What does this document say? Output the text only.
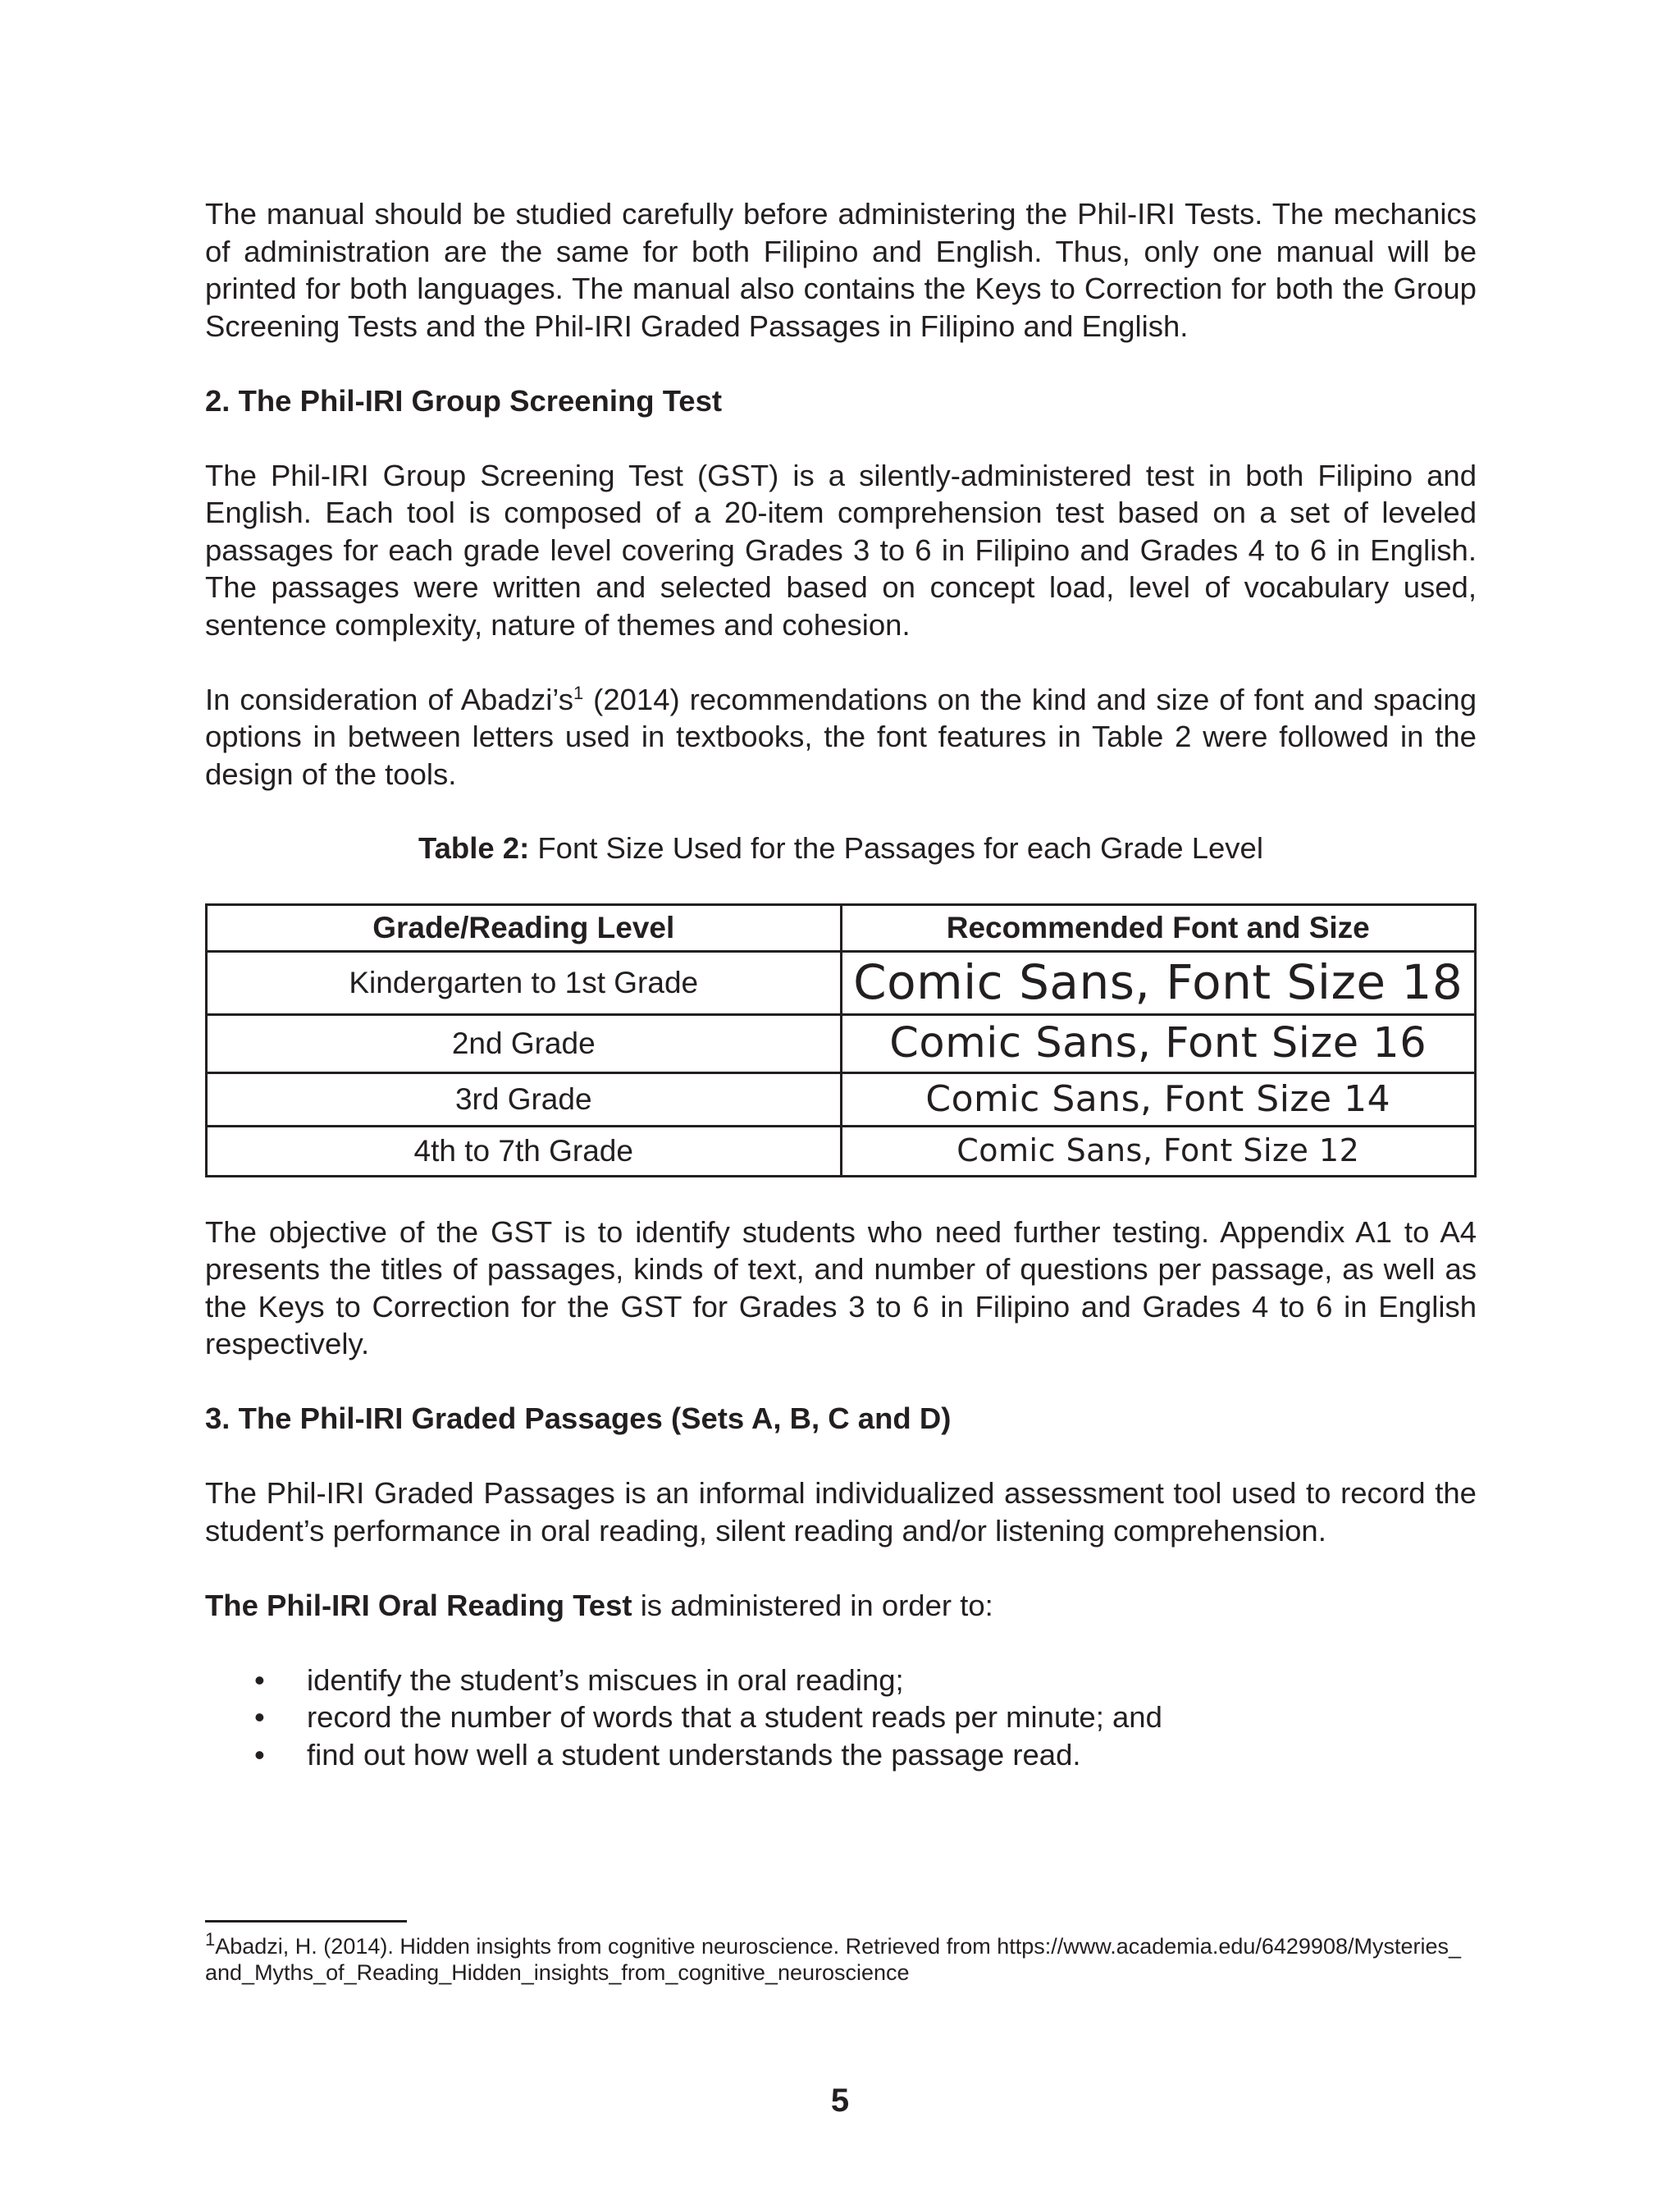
The manual should be studied carefully before administering the Phil-IRI Tests. The mechanics of administration are the same for both Filipino and English. Thus, only one manual will be printed for both languages. The manual also contains the Keys to Correction for both the Group Screening Tests and the Phil-IRI Graded Passages in Filipino and English.

2. The Phil-IRI Group Screening Test

The Phil-IRI Group Screening Test (GST) is a silently-administered test in both Filipino and English. Each tool is composed of a 20-item comprehension test based on a set of leveled passages for each grade level covering Grades 3 to 6 in Filipino and Grades 4 to 6 in English. The passages were written and selected based on concept load, level of vocabulary used, sentence complexity, nature of themes and cohesion.

In consideration of $Abadzi’s^1$ (2014) recommendations on the kind and size of font and spacing options in between letters used in textbooks, the font features in Table 2 were followed in the design of the tools.

Table 2: Font Size Used for the Passages for each Grade Level

Grade/Reading Level	Recommended Font and Size
Kindergarten to 1st Grade	Comic Sans, Font Size 18
2nd Grade	Comic Sans, Font Size 16
3rd Grade	Comic Sans, Font Size 14
4th to 7th Grade	Comic Sans, Font Size 12

The objective of the GST is to identify students who need further testing. Appendix A1 to A4 presents the titles of passages, kinds of text, and number of questions per passage, as well as the Keys to Correction for the GST for Grades 3 to 6 in Filipino and Grades 4 to 6 in English respectively.

3. The Phil-IRI Graded Passages (Sets A, B, C and D)

The Phil-IRI Graded Passages is an informal individualized assessment tool used to record the student’s performance in oral reading, silent reading and/or listening comprehension.

The Phil-IRI Oral Reading Test is administered in order to:

• identify the student’s miscues in oral reading;
• record the number of words that a student reads per minute; and
• find out how well a student understands the passage read.
$^1$Abadzi, H. (2014). Hidden insights from cognitive neuroscience. Retrieved from https://www.academia.edu/6429908/Mysteries_
and_Myths_of_Reading_Hidden_insights_from_cognitive_neuroscience
5
